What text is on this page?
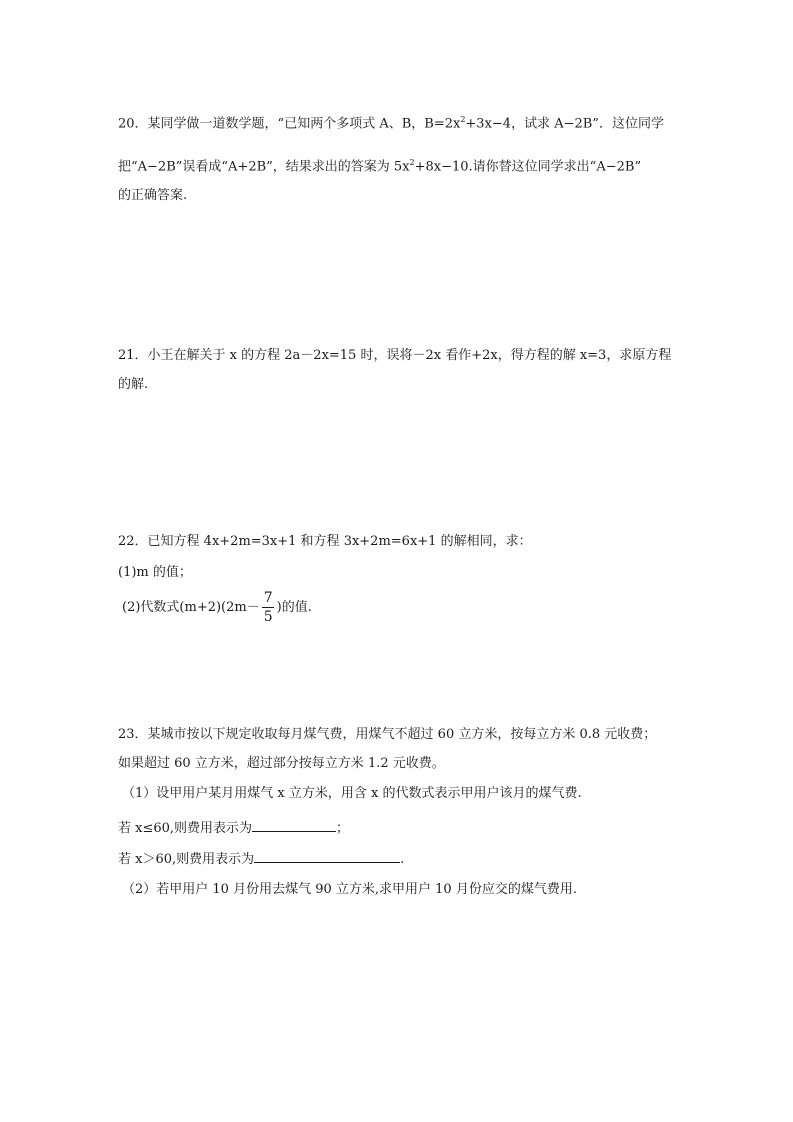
20．某同学做一道数学题，“已知两个多项式 A、B，$B=2x^2+3x-4$，试求 A−2B”．这位同学
把“A−2B”误看成“A+2B”，结果求出的答案为 $5x^2+8x-10$.请你替这位同学求出“A−2B”
的正确答案.
21．小王在解关于 x 的方程 2a－2x=15 时，误将－2x 看作+2x，得方程的解 x=3，求原方程
的解.
22．已知方程 4x+2m=3x+1 和方程 3x+2m=6x+1 的解相同，求：
(1)m 的值；
(2)代数式$(m+2)(2m- \frac{7}{5}$ )的值.
23．某城市按以下规定收取每月煤气费，用煤气不超过 60 立方米，按每立方米 0.8 元收费；
如果超过 60 立方米，超过部分按每立方米 1.2 元收费。
（1）设甲用户某月用煤气 x 立方米，用含 x 的代数式表示甲用户该月的煤气费.
若 x≤60,则费用表示为	；
若 x＞60,则费用表示为	.
（2）若甲用户 10 月份用去煤气 90 立方米,求甲用户 10 月份应交的煤气费用.
